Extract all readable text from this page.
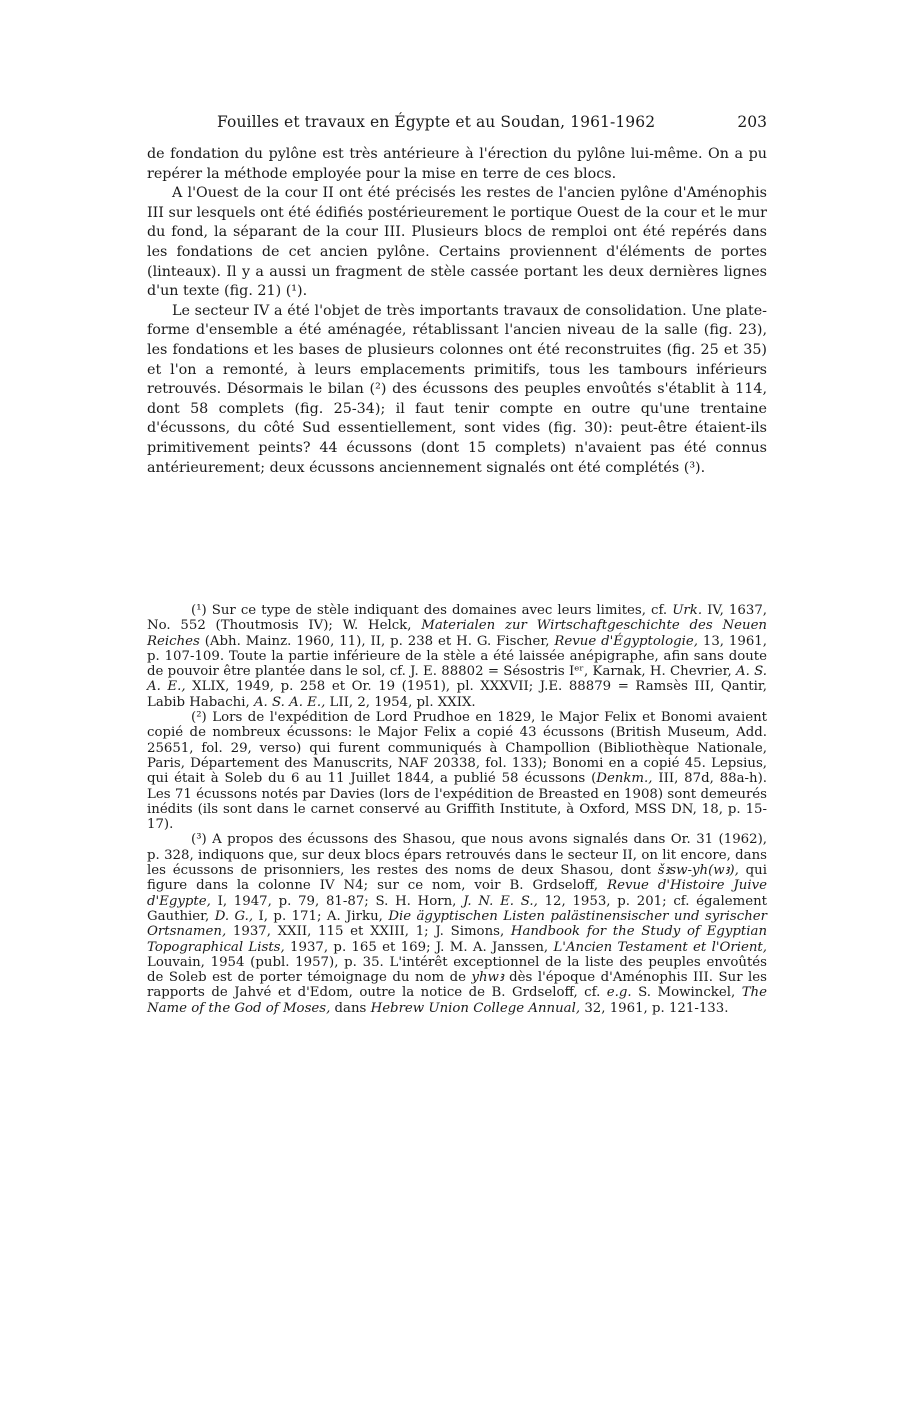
Fouilles et travaux en Égypte et au Soudan, 1961-1962	203

de fondation du pylône est très antérieure à l'érection du pylône lui-même. On a pu repérer la méthode employée pour la mise en terre de ces blocs.

A l'Ouest de la cour II ont été précisés les restes de l'ancien pylône d'Aménophis III sur lesquels ont été édifiés postérieurement le portique Ouest de la cour et le mur du fond, la séparant de la cour III. Plusieurs blocs de remploi ont été repérés dans les fondations de cet ancien pylône. Certains proviennent d'éléments de portes (linteaux). Il y a aussi un fragment de stèle cassée portant les deux dernières lignes d'un texte (fig. 21) (¹).

Le secteur IV a été l'objet de très importants travaux de consolidation. Une plate-forme d'ensemble a été aménagée, rétablissant l'ancien niveau de la salle (fig. 23), les fondations et les bases de plusieurs colonnes ont été reconstruites (fig. 25 et 35) et l'on a remonté, à leurs emplacements primitifs, tous les tambours inférieurs retrouvés. Désormais le bilan (²) des écussons des peuples envoûtés s'établit à 114, dont 58 complets (fig. 25-34); il faut tenir compte en outre qu'une trentaine d'écussons, du côté Sud essentiellement, sont vides (fig. 30): peut-être étaient-ils primitivement peints? 44 écussons (dont 15 complets) n'avaient pas été connus antérieurement; deux écussons anciennement signalés ont été complétés (³).

(¹) Sur ce type de stèle indiquant des domaines avec leurs limites, cf. Urk. IV, 1637, No. 552 (Thoutmosis IV); W. Helck, Materialen zur Wirtschaftgeschichte des Neuen Reiches (Abh. Mainz. 1960, 11), II, p. 238 et H. G. Fischer, Revue d'Égyptologie, 13, 1961, p. 107-109. Toute la partie inférieure de la stèle a été laissée anépigraphe, afin sans doute de pouvoir être plantée dans le sol, cf. J. E. 88802 = Sésostris Iᵉʳ, Karnak, H. Chevrier, A. S. A. E., XLIX, 1949, p. 258 et Or. 19 (1951), pl. XXXVII; J.E. 88879 = Ramsès III, Qantir, Labib Habachi, A. S. A. E., LII, 2, 1954, pl. XXIX.

(²) Lors de l'expédition de Lord Prudhoe en 1829, le Major Felix et Bonomi avaient copié de nombreux écussons: le Major Felix a copié 43 écussons (British Museum, Add. 25651, fol. 29, verso) qui furent communiqués à Champollion (Bibliothèque Nationale, Paris, Département des Manuscrits, NAF 20338, fol. 133); Bonomi en a copié 45. Lepsius, qui était à Soleb du 6 au 11 Juillet 1844, a publié 58 écussons (Denkm., III, 87d, 88a-h). Les 71 écussons notés par Davies (lors de l'expédition de Breasted en 1908) sont demeurés inédits (ils sont dans le carnet conservé au Griffith Institute, à Oxford, MSS DN, 18, p. 15-17).

(³) A propos des écussons des Shasou, que nous avons signalés dans Or. 31 (1962), p. 328, indiquons que, sur deux blocs épars retrouvés dans le secteur II, on lit encore, dans les écussons de prisonniers, les restes des noms de deux Shasou, dont šꜣsw-yh(wꜣ), qui figure dans la colonne IV N4; sur ce nom, voir B. Grdseloff, Revue d'Histoire Juive d'Egypte, I, 1947, p. 79, 81-87; S. H. Horn, J. N. E. S., 12, 1953, p. 201; cf. également Gauthier, D. G., I, p. 171; A. Jirku, Die ägyptischen Listen palästinensischer und syrischer Ortsnamen, 1937, XXII, 115 et XXIII, 1; J. Simons, Handbook for the Study of Egyptian Topographical Lists, 1937, p. 165 et 169; J. M. A. Janssen, L'Ancien Testament et l'Orient, Louvain, 1954 (publ. 1957), p. 35. L'intérêt exceptionnel de la liste des peuples envoûtés de Soleb est de porter témoignage du nom de yhwꜣ dès l'époque d'Aménophis III. Sur les rapports de Jahvé et d'Edom, outre la notice de B. Grdseloff, cf. e.g. S. Mowinckel, The Name of the God of Moses, dans Hebrew Union College Annual, 32, 1961, p. 121-133.
